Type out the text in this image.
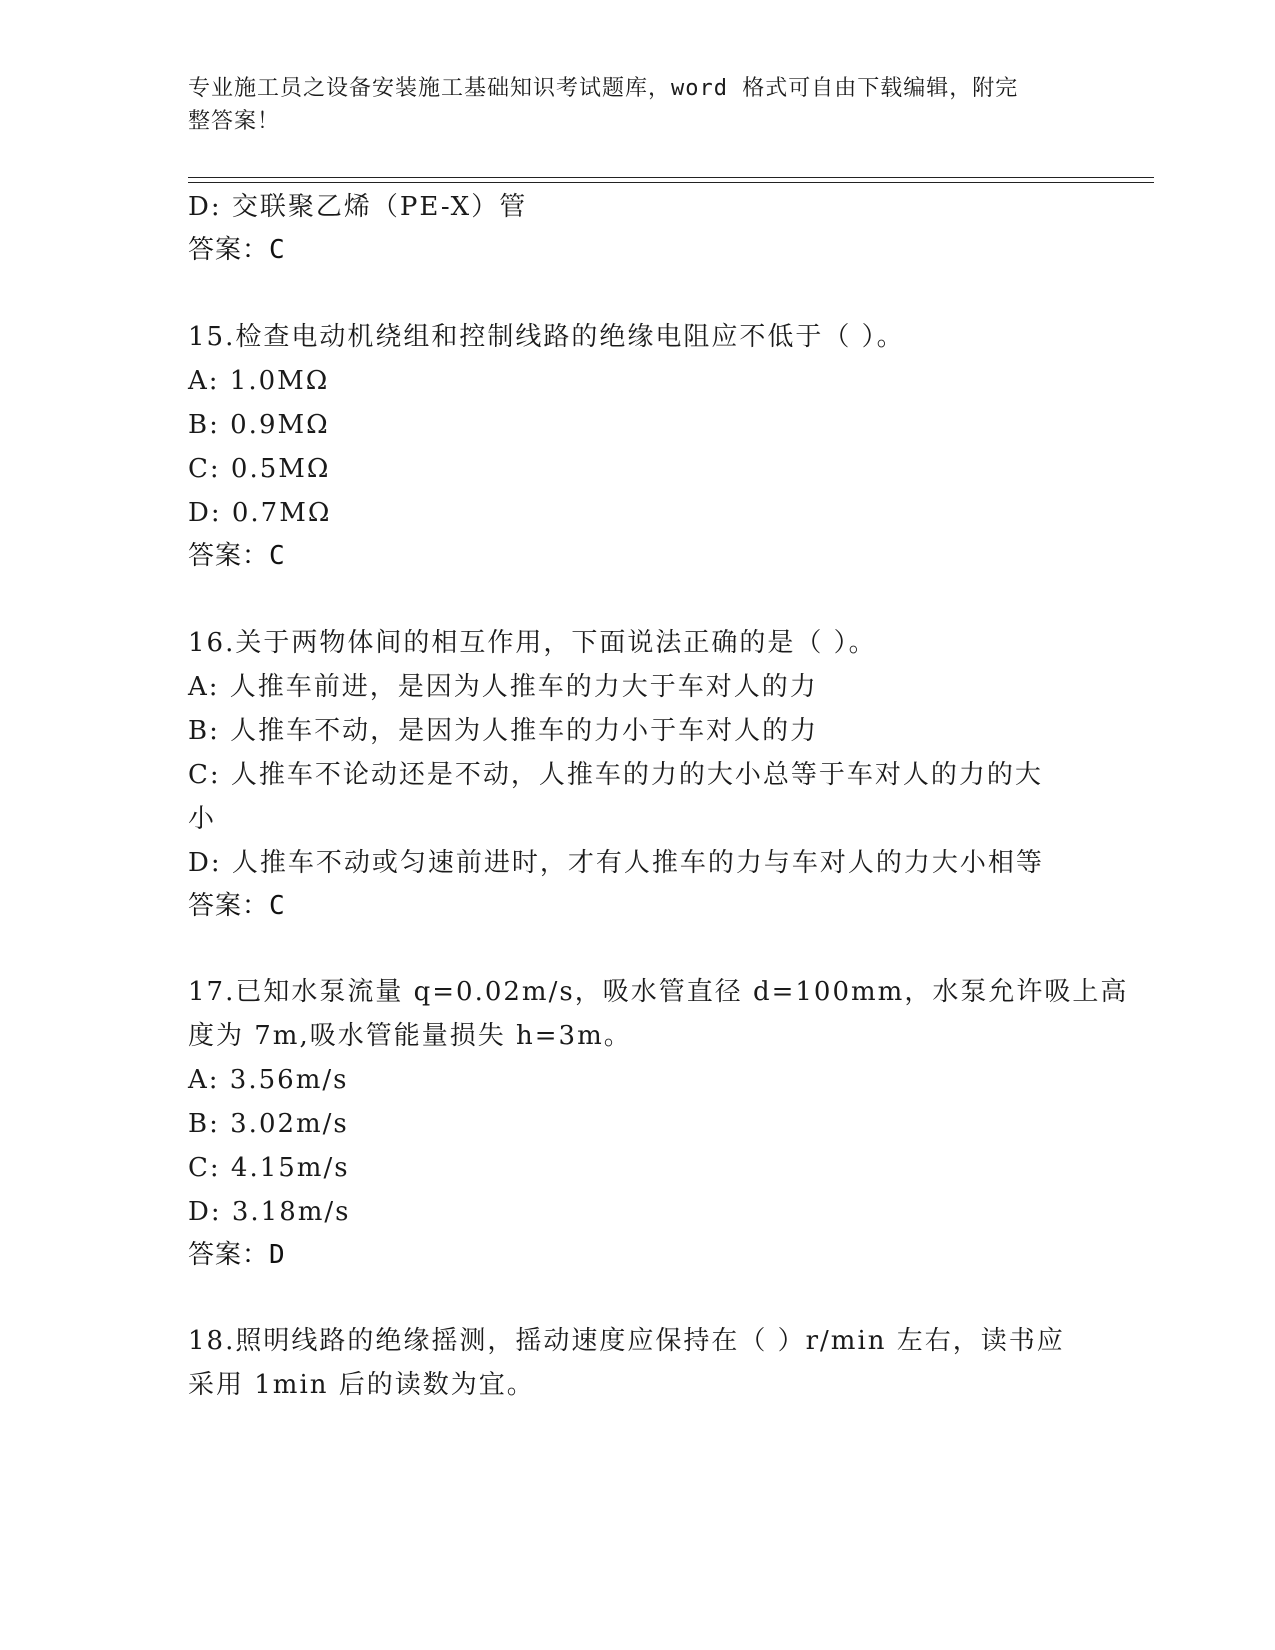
专业施工员之设备安装施工基础知识考试题库，word 格式可自由下载编辑，附完
整答案！
D: 交联聚乙烯（PE-X）管
答案：C
15.检查电动机绕组和控制线路的绝缘电阻应不低于（ ）。
A: 1.0MΩ
B: 0.9MΩ
C: 0.5MΩ
D: 0.7MΩ
答案：C
16.关于两物体间的相互作用，下面说法正确的是（ ）。
A: 人推车前进，是因为人推车的力大于车对人的力
B: 人推车不动，是因为人推车的力小于车对人的力
C: 人推车不论动还是不动，人推车的力的大小总等于车对人的力的大
小
D: 人推车不动或匀速前进时，才有人推车的力与车对人的力大小相等
答案：C
17.已知水泵流量 q=0.02m/s，吸水管直径 d=100mm，水泵允许吸上高
度为 7m,吸水管能量损失 h=3m。
A: 3.56m/s
B: 3.02m/s
C: 4.15m/s
D: 3.18m/s
答案：D
18.照明线路的绝缘摇测，摇动速度应保持在（ ）r/min 左右，读书应
采用 1min 后的读数为宜。
